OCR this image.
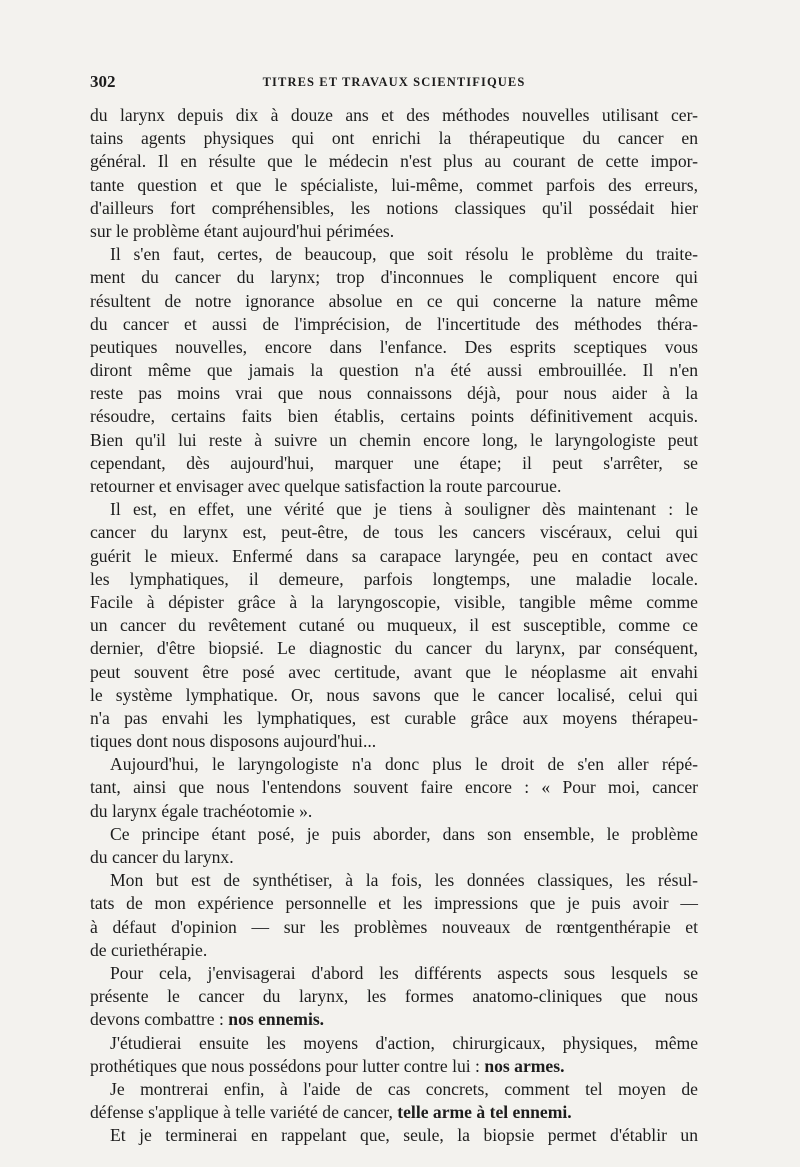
302	TITRES ET TRAVAUX SCIENTIFIQUES
du larynx depuis dix à douze ans et des méthodes nouvelles utilisant cer-
tains agents physiques qui ont enrichi la thérapeutique du cancer en
général. Il en résulte que le médecin n'est plus au courant de cette impor-
tante question et que le spécialiste, lui-même, commet parfois des erreurs,
d'ailleurs fort compréhensibles, les notions classiques qu'il possédait hier
sur le problème étant aujourd'hui périmées.
Il s'en faut, certes, de beaucoup, que soit résolu le problème du traite-
ment du cancer du larynx; trop d'inconnues le compliquent encore qui
résultent de notre ignorance absolue en ce qui concerne la nature même
du cancer et aussi de l'imprécision, de l'incertitude des méthodes théra-
peutiques nouvelles, encore dans l'enfance. Des esprits sceptiques vous
diront même que jamais la question n'a été aussi embrouillée. Il n'en
reste pas moins vrai que nous connaissons déjà, pour nous aider à la
résoudre, certains faits bien établis, certains points définitivement acquis.
Bien qu'il lui reste à suivre un chemin encore long, le laryngologiste peut
cependant, dès aujourd'hui, marquer une étape; il peut s'arrêter, se
retourner et envisager avec quelque satisfaction la route parcourue.
Il est, en effet, une vérité que je tiens à souligner dès maintenant : le
cancer du larynx est, peut-être, de tous les cancers viscéraux, celui qui
guérit le mieux. Enfermé dans sa carapace laryngée, peu en contact avec
les lymphatiques, il demeure, parfois longtemps, une maladie locale.
Facile à dépister grâce à la laryngoscopie, visible, tangible même comme
un cancer du revêtement cutané ou muqueux, il est susceptible, comme ce
dernier, d'être biopsié. Le diagnostic du cancer du larynx, par conséquent,
peut souvent être posé avec certitude, avant que le néoplasme ait envahi
le système lymphatique. Or, nous savons que le cancer localisé, celui qui
n'a pas envahi les lymphatiques, est curable grâce aux moyens thérapeu-
tiques dont nous disposons aujourd'hui...
Aujourd'hui, le laryngologiste n'a donc plus le droit de s'en aller répé-
tant, ainsi que nous l'entendons souvent faire encore : « Pour moi, cancer
du larynx égale trachéotomie ».
Ce principe étant posé, je puis aborder, dans son ensemble, le problème
du cancer du larynx.
Mon but est de synthétiser, à la fois, les données classiques, les résul-
tats de mon expérience personnelle et les impressions que je puis avoir —
à défaut d'opinion — sur les problèmes nouveaux de rœntgenthérapie et
de curiethérapie.
Pour cela, j'envisagerai d'abord les différents aspects sous lesquels se
présente le cancer du larynx, les formes anatomo-cliniques que nous
devons combattre : nos ennemis.
J'étudierai ensuite les moyens d'action, chirurgicaux, physiques, même
prothétiques que nous possédons pour lutter contre lui : nos armes.
Je montrerai enfin, à l'aide de cas concrets, comment tel moyen de
défense s'applique à telle variété de cancer, telle arme à tel ennemi.
Et je terminerai en rappelant que, seule, la biopsie permet d'établir un
